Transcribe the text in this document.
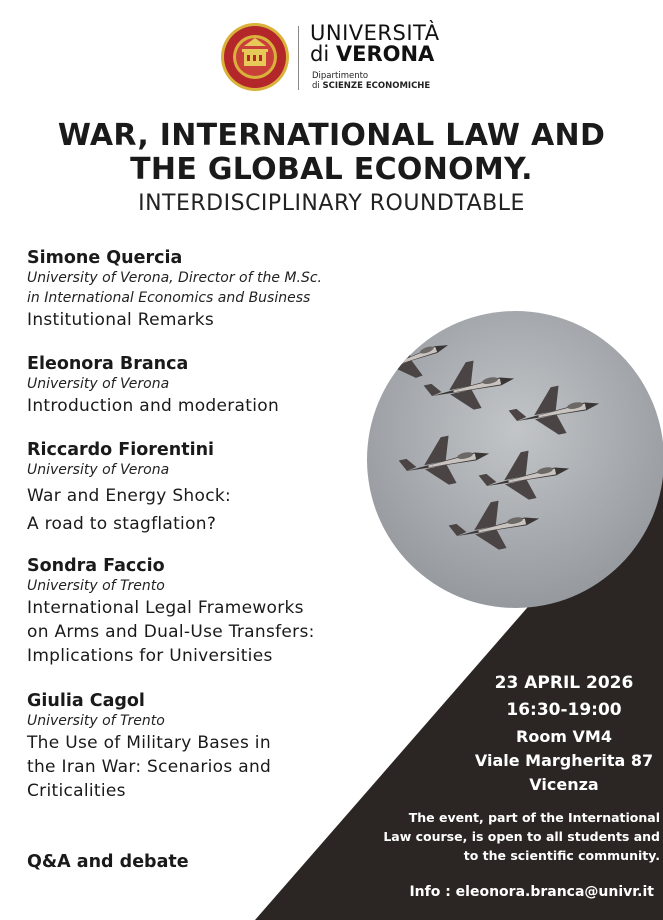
UNIVERSITÀ
di VERONA
Dipartimento
di SCIENZE ECONOMICHE
WAR, INTERNATIONAL LAW AND
THE GLOBAL ECONOMY.
INTERDISCIPLINARY ROUNDTABLE
Simone Quercia
University of Verona, Director of the M.Sc.
in International Economics and Business
Institutional Remarks
Eleonora Branca
University of Verona
Introduction and moderation
Riccardo Fiorentini
University of Verona
War and Energy Shock:
A road to stagflation?
Sondra Faccio
University of Trento
International Legal Frameworks
on Arms and Dual-Use Transfers:
Implications for Universities
Giulia Cagol
University of Trento
The Use of Military Bases in
the Iran War: Scenarios and
Criticalities
Q&A and debate
23 APRIL 2026
16:30-19:00
Room VM4
Viale Margherita 87
Vicenza
The event, part of the International
Law course, is open to all students and
to the scientific community.
Info : eleonora.branca@univr.it
